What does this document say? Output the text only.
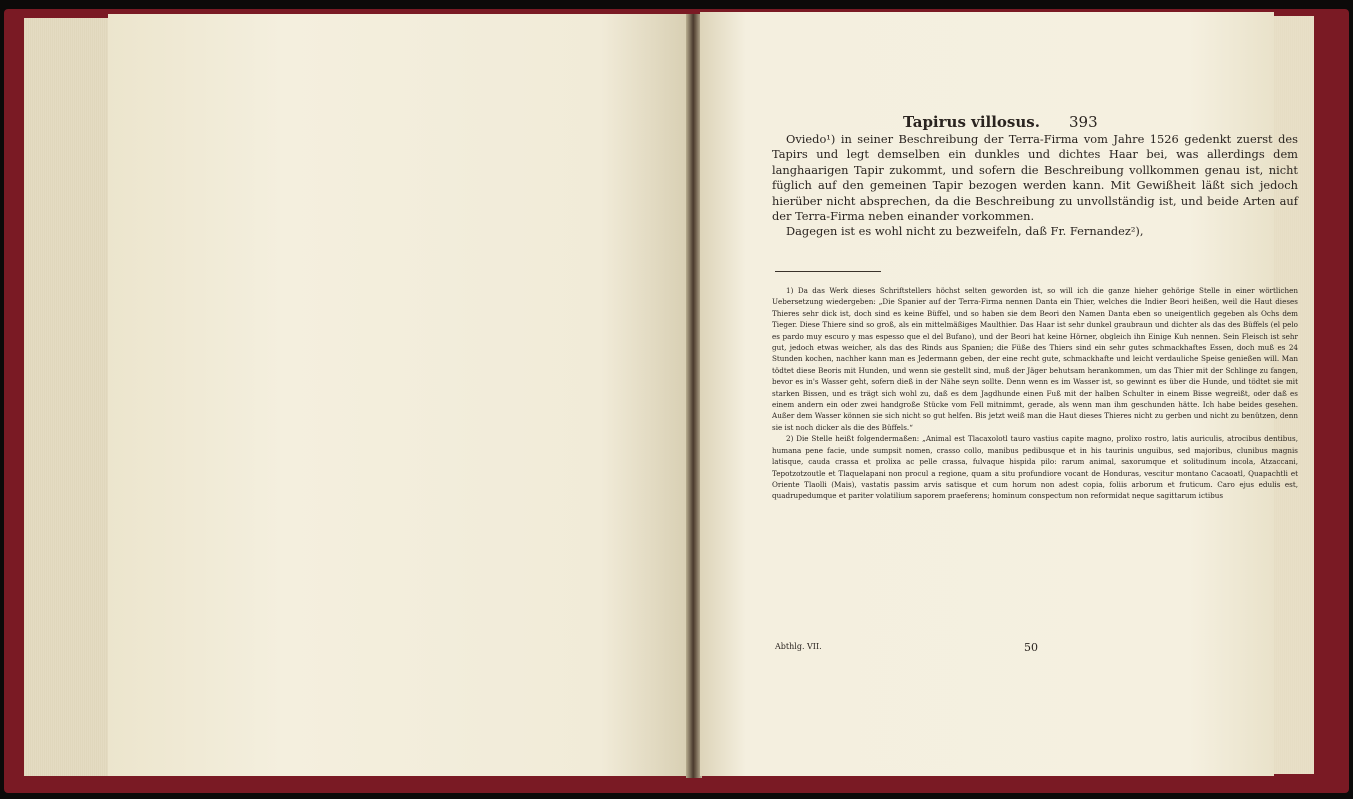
Tapirus villosus. 393

Oviedo¹) in seiner Beschreibung der Terra-Firma vom Jahre 1526 gedenkt zuerst des Tapirs und legt demselben ein dunkles und dichtes Haar bei, was allerdings dem langhaarigen Tapir zukommt, und sofern die Beschreibung vollkommen genau ist, nicht füglich auf den gemeinen Tapir bezogen werden kann. Mit Gewißheit läßt sich jedoch hierüber nicht absprechen, da die Beschreibung zu unvollständig ist, und beide Arten auf der Terra-Firma neben einander vorkommen.

Dagegen ist es wohl nicht zu bezweifeln, daß Fr. Fernandez²),

1) Da das Werk dieses Schriftstellers höchst selten geworden ist, so will ich die ganze hieher gehörige Stelle in einer wörtlichen Uebersetzung wiedergeben: „Die Spanier auf der Terra-Firma nennen Danta ein Thier, welches die Indier Beori heißen, weil die Haut dieses Thieres sehr dick ist, doch sind es keine Büffel, und so haben sie dem Beori den Namen Danta eben so uneigentlich gegeben als Ochs dem Tieger. Diese Thiere sind so groß, als ein mittelmäßiges Maulthier. Das Haar ist sehr dunkel graubraun und dichter als das des Büffels (el pelo es pardo muy escuro y mas espesso que el del Bufano), und der Beori hat keine Hörner, obgleich ihn Einige Kuh nennen. Sein Fleisch ist sehr gut, jedoch etwas weicher, als das des Rinds aus Spanien; die Füße des Thiers sind ein sehr gutes schmackhaftes Essen, doch muß es 24 Stunden kochen, nachher kann man es Jedermann geben, der eine recht gute, schmackhafte und leicht verdauliche Speise genießen will. Man tödtet diese Beoris mit Hunden, und wenn sie gestellt sind, muß der Jäger behutsam herankommen, um das Thier mit der Schlinge zu fangen, bevor es in's Wasser geht, sofern dieß in der Nähe seyn sollte. Denn wenn es im Wasser ist, so gewinnt es über die Hunde, und tödtet sie mit starken Bissen, und es trägt sich wohl zu, daß es dem Jagdhunde einen Fuß mit der halben Schulter in einem Bisse wegreißt, oder daß es einem andern ein oder zwei handgroße Stücke vom Fell mitnimmt, gerade, als wenn man ihm geschunden hätte. Ich habe beides gesehen. Außer dem Wasser können sie sich nicht so gut helfen. Bis jetzt weiß man die Haut dieses Thieres nicht zu gerben und nicht zu benützen, denn sie ist noch dicker als die des Büffels.“

2) Die Stelle heißt folgendermaßen: „Animal est Tlacaxolotl tauro vastius capite magno, prolixo rostro, latis auriculis, atrocibus dentibus, humana pene facie, unde sumpsit nomen, crasso collo, manibus pedibusque et in his taurinis unguibus, sed majoribus, clunibus magnis latisque, cauda crassa et prolixa ac pelle crassa, fulvaque hispida pilo: rarum animal, saxorumque et solitudinum incola, Atzaccani, Tepotzotzoutle et Tlaquelapani non procul a regione, quam a situ profundiore vocant de Honduras, vescitur montano Cacaoatl, Quapachtli et Oriente Tlaolli (Mais), vastatis passim arvis satisque et cum horum non adest copia, foliis arborum et fruticum. Caro ejus edulis est, quadrupedumque et pariter volatilium saporem praeferens; hominum conspectum non reformidat neque sagittarum ictibus

Abthlg. VII.	50
